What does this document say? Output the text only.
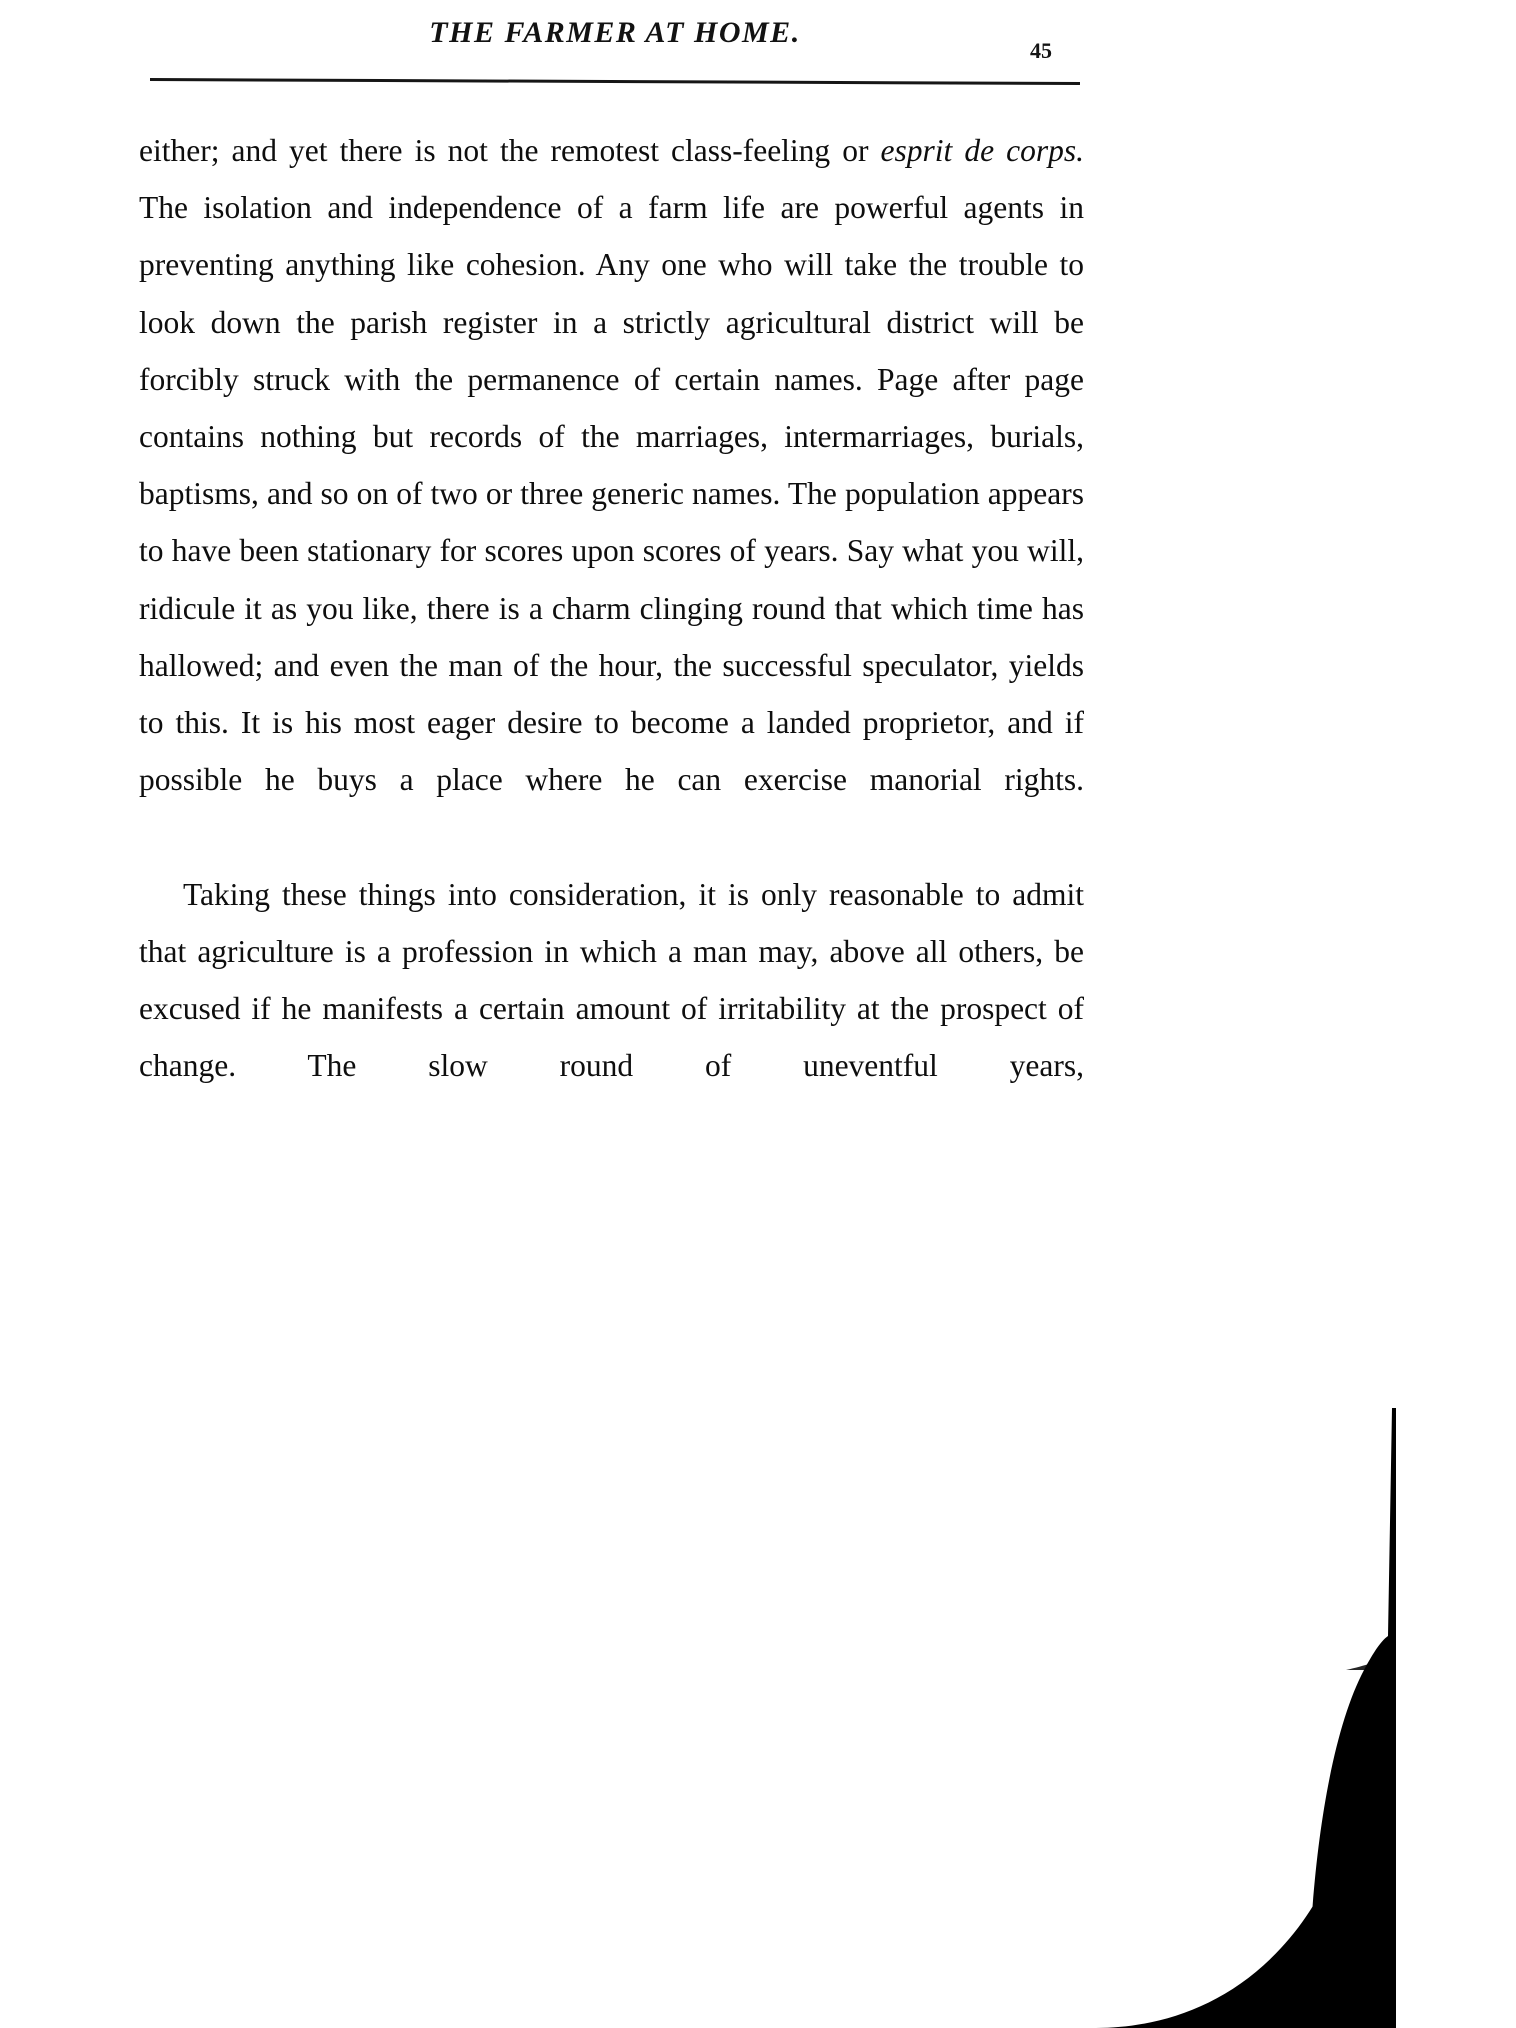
THE FARMER AT HOME.
45

either; and yet there is not the remotest class-feeling or esprit de corps. The isolation and independence of a farm life are powerful agents in preventing anything like cohesion. Any one who will take the trouble to look down the parish register in a strictly agricultural district will be forcibly struck with the permanence of certain names. Page after page contains nothing but records of the marriages, intermarriages, burials, baptisms, and so on of two or three generic names. The population appears to have been stationary for scores upon scores of years. Say what you will, ridicule it as you like, there is a charm clinging round that which time has hallowed; and even the man of the hour, the successful speculator, yields to this. It is his most eager desire to become a landed proprietor, and if possible he buys a place where he can exercise manorial rights.

Taking these things into consideration, it is only reasonable to admit that agriculture is a profession in which a man may, above all others, be excused if he manifests a certain amount of irritability at the prospect of change. The slow round of uneventful years,
